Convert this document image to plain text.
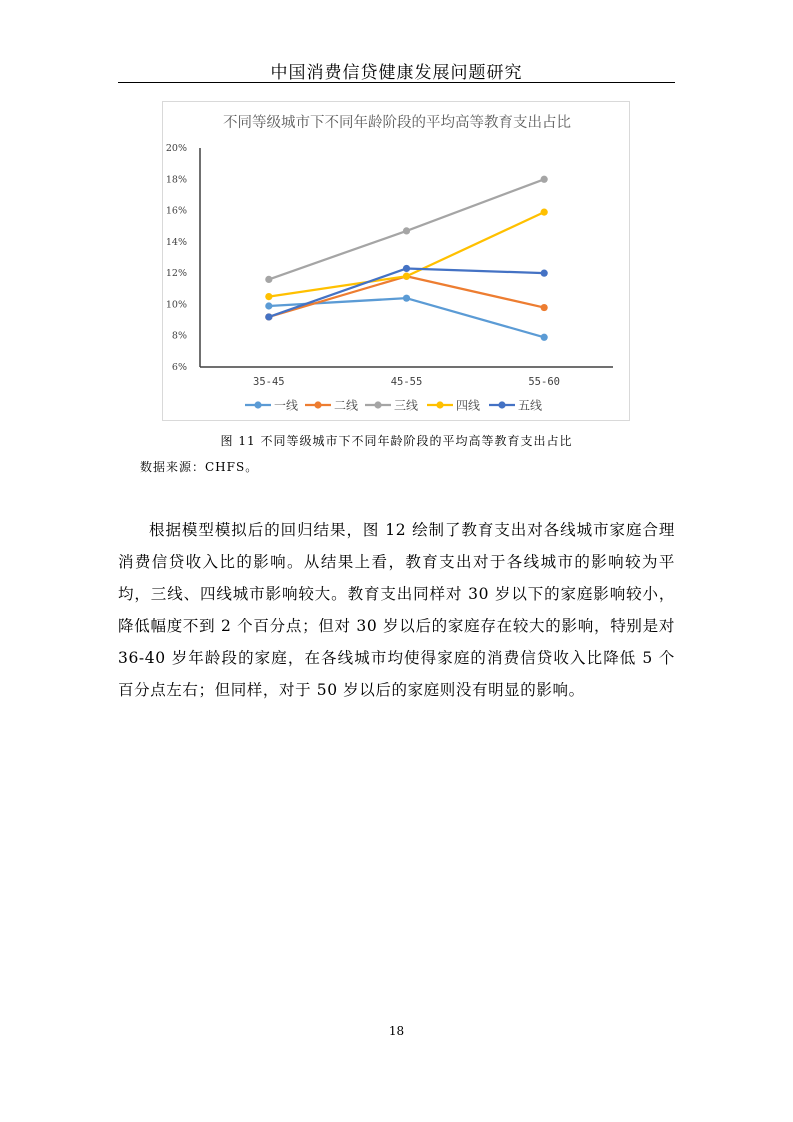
中国消费信贷健康发展问题研究
不同等级城市下不同年龄阶段的平均高等教育支出占比
6%
8%
10%
12%
14%
16%
18%
20%
35-45	45-55	55-60
一线	二线	三线	四线	五线
图 11 不同等级城市下不同年龄阶段的平均高等教育支出占比
数据来源：CHFS。

根据模型模拟后的回归结果，图 12 绘制了教育支出对各线城市家庭合理消费信贷收入比的影响。从结果上看，教育支出对于各线城市的影响较为平均，三线、四线城市影响较大。教育支出同样对 30 岁以下的家庭影响较小，降低幅度不到 2 个百分点；但对 30 岁以后的家庭存在较大的影响，特别是对 36-40 岁年龄段的家庭，在各线城市均使得家庭的消费信贷收入比降低 5 个百分点左右；但同样，对于 50 岁以后的家庭则没有明显的影响。

18
